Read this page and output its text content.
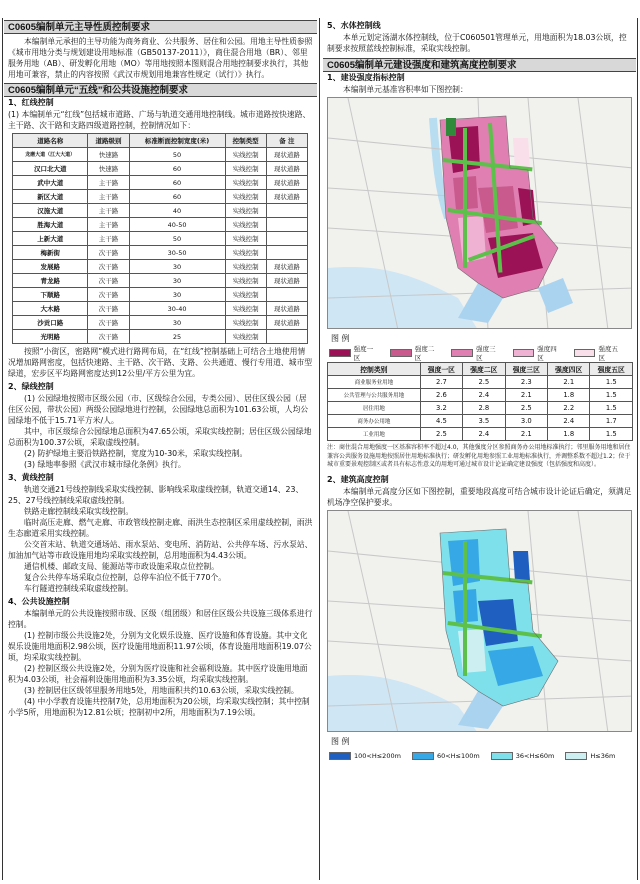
C0605编制单元主导性质控制要求
本编制单元承担的主导功能为商务商业、公共服务、居住和公园。用地主导性质参照《城市用地分类与规划建设用地标准（GB50137-2011）》，商住混合用地（BR）、邻里服务用地（AB）、研发孵化用地（MO）等用地按照本图则混合用地控制要求执行，其他用地可兼容，禁止的内容按照《武汉市规划用地兼容性规定（试行）》执行。
C0605编制单元“五线”和公共设施控制要求
1、红线控制
(1) 本编制单元“红线”包括城市道路、广场与轨道交通用地控制线。城市道路按快速路、主干路、次干路和支路四级道路控制，控制情况如下：
道路名称	道路级别	标准断面控制宽度(米)	控制类型	备 注
龙磨大道（江大大道）	快速路	50	实线控制	现状道路
汉口北大道	快速路	60	实线控制	现状道路
武中大道	主干路	60	实线控制	现状道路
新区大道	主干路	60	实线控制	现状道路
汉施大道	主干路	40	实线控制	
胜海大道	主干路	40-50	实线控制	
上新大道	主干路	50	实线控制	
梅新街	次干路	30-50	实线控制	
发展路	次干路	30	实线控制	现状道路
青龙路	次干路	30	实线控制	现状道路
下顺路	次干路	30	实线控制	
大木路	次干路	30-40	实线控制	现状道路
沙贡口路	次干路	30	实线控制	现状道路
光明路	次干路	25	实线控制	
按照“小街区，密路网”模式进行路网布局，在“红线”控制基础上可结合土地使用情况增加路网密度，包括快速路、主干路、次干路、支路、公共通道、慢行专用道、城市型绿道，宏步区平均路网密度达到12公里/平方公里为宜。
2、绿线控制
(1) 公园绿地按照市区级公园（市、区级综合公园，专类公园）、居住区级公园（居住区公园，带状公园）两级公园绿地进行控制，公园绿地总面积为101.63公顷，人均公园绿地不低于15.71平方米/人。
其中，市区级综合公园绿地总面积为47.65公顷，采取实线控制；居住区级公园绿地总面积为100.37公顷，采取虚线控制。
(2) 防护绿地主要沿铁路控制，宽度为10-30米，采取实线控制。
(3) 绿地率参照《武汉市城市绿化条例》执行。
3、黄线控制
轨道交通21号线控制线采取实线控制、影响线采取虚线控制，轨道交通14、23、25、27号线控制线采取虚线控制。
铁路走廊控制线采取实线控制。
临时高压走廊、燃气走廊、市政管线控制走廊、雨洪生态控制区采用虚线控制，雨洪生态廊道采用实线控制。
公交首末站、轨道交通场站、雨水泵站、变电所、消防站、公共停车场、污水泵站、加油加气站等市政设施用地均采取实线控制，总用地面积为4.43公顷。
通信机楼、邮政支局、能源站等市政设施采取点位控制。
复合公共停车场采取点位控制，总停车泊位不低于770个。
车行隧道控制线采取虚线控制。
4、公共设施控制
本编制单元的公共设施按照市级、区级（组团级）和居住区级公共设施三级体系进行控制。
(1) 控制市级公共设施2处，分别为文化娱乐设施、医疗设施和体育设施。其中文化娱乐设施用地面积2.98公顷，医疗设施用地面积11.97公顷，体育设施用地面积19.07公顷，均采取实线控制。
(2) 控制区级公共设施2处，分别为医疗设施和社会福利设施。其中医疗设施用地面积为4.03公顷，社会福利设施用地面积为3.35公顷，均采取实线控制。
(3) 控制居住区级邻里服务用地5处，用地面积共约10.63公顷，采取实线控制。
(4) 中小学教育设施共控制7处，总用地面积为20公顷，均采取实线控制；其中控制小学5所，用地面积为12.81公顷；控制初中2所，用地面积为7.19公顷。
5、水体控制线
本单元划定汤湖水体控制线，位于C060501管理单元，用地面积为18.03公顷，控制要求按照蓝线控制标准，采取实线控制。
C0605编制单元建设强度和建筑高度控制要求
1、建设强度指标控制
本编制单元基准容积率如下图控制：
图 例
强度一区
强度二区
强度三区
强度四区
强度五区
控制类别	强度一区	强度二区	强度三区	强度四区	强度五区
商业服务业用地	2.7	2.5	2.3	2.1	1.5
公共管理与公共服务用地	2.6	2.4	2.1	1.8	1.5
居住用地	3.2	2.8	2.5	2.2	1.5
商务办公用地	4.5	3.5	3.0	2.4	1.7
工业用地	2.5	2.4	2.1	1.8	1.5
注：商住混合用地强度一区基准容积率不超过4.0，其他强度分区参照商务办公用地标准执行；邻里服务用地和居住兼容公共服务设施用地按照居住用地标准执行；研发孵化用地参照工业用地标准执行，并调整系数不超过1.2；位于城市重要景观控制区或者具有标志性意义的用地可通过城市设计论证确定建设强度（包括强度和高度）。
2、建筑高度控制
本编制单元高度分区如下图控制，重要地段高度可结合城市设计论证后确定，须满足机场净空保护要求。
图 例
100<H≤200m	60<H≤100m	36<H≤60m	H≤36m
